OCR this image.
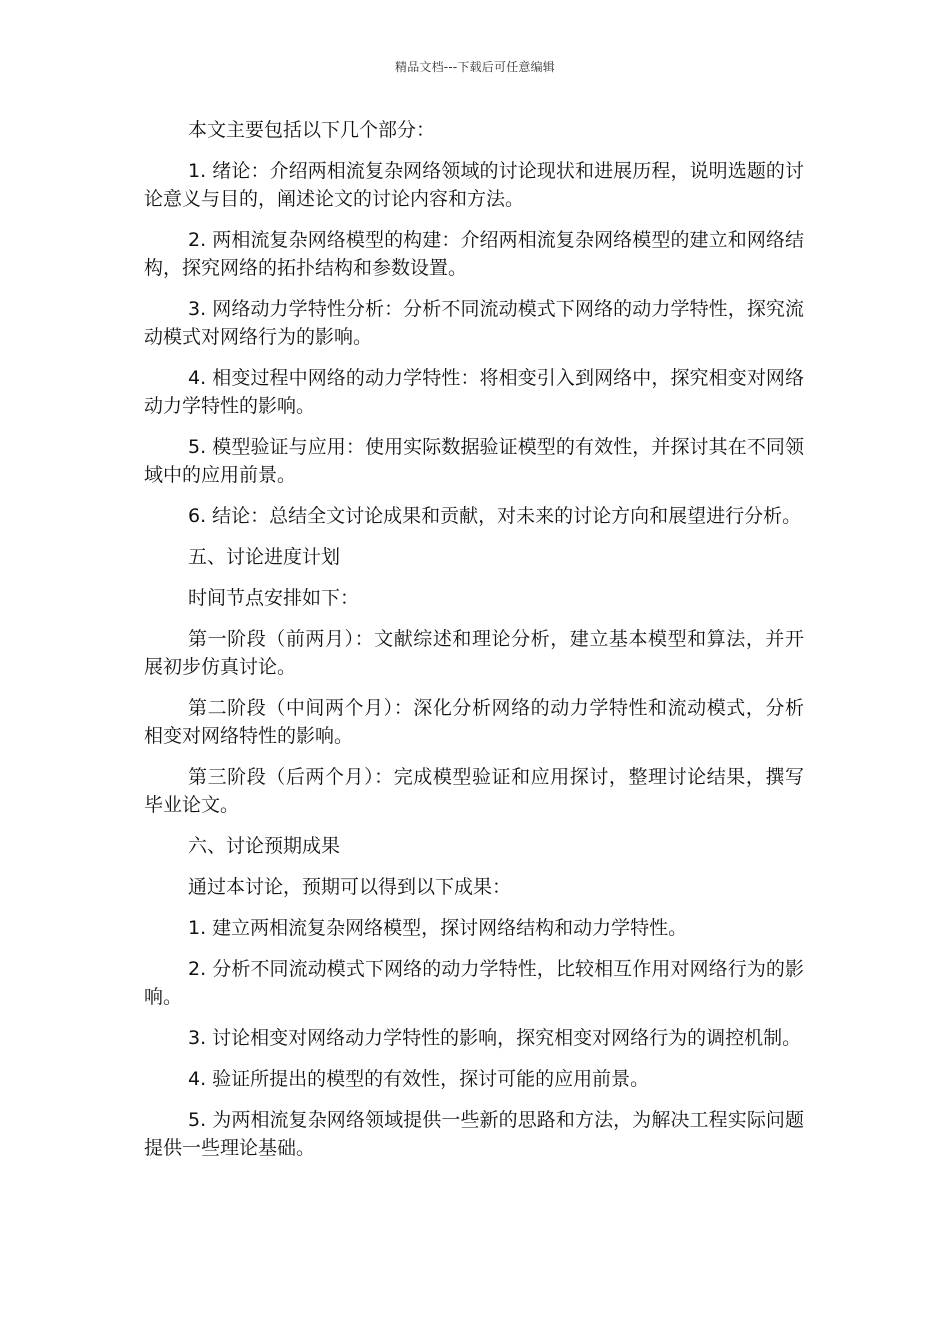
精品文档---下载后可任意编辑

本文主要包括以下几个部分：

1. 绪论：介绍两相流复杂网络领域的讨论现状和进展历程，说明选题的讨论意义与目的，阐述论文的讨论内容和方法。

2. 两相流复杂网络模型的构建：介绍两相流复杂网络模型的建立和网络结构，探究网络的拓扑结构和参数设置。

3. 网络动力学特性分析：分析不同流动模式下网络的动力学特性，探究流动模式对网络行为的影响。

4. 相变过程中网络的动力学特性：将相变引入到网络中，探究相变对网络动力学特性的影响。

5. 模型验证与应用：使用实际数据验证模型的有效性，并探讨其在不同领域中的应用前景。

6. 结论：总结全文讨论成果和贡献，对未来的讨论方向和展望进行分析。

五、讨论进度计划

时间节点安排如下：

第一阶段（前两月）：文献综述和理论分析，建立基本模型和算法，并开展初步仿真讨论。

第二阶段（中间两个月）：深化分析网络的动力学特性和流动模式，分析相变对网络特性的影响。

第三阶段（后两个月）：完成模型验证和应用探讨，整理讨论结果，撰写毕业论文。

六、讨论预期成果

通过本讨论，预期可以得到以下成果：

1. 建立两相流复杂网络模型，探讨网络结构和动力学特性。

2. 分析不同流动模式下网络的动力学特性，比较相互作用对网络行为的影响。

3. 讨论相变对网络动力学特性的影响，探究相变对网络行为的调控机制。

4. 验证所提出的模型的有效性，探讨可能的应用前景。

5. 为两相流复杂网络领域提供一些新的思路和方法，为解决工程实际问题提供一些理论基础。
